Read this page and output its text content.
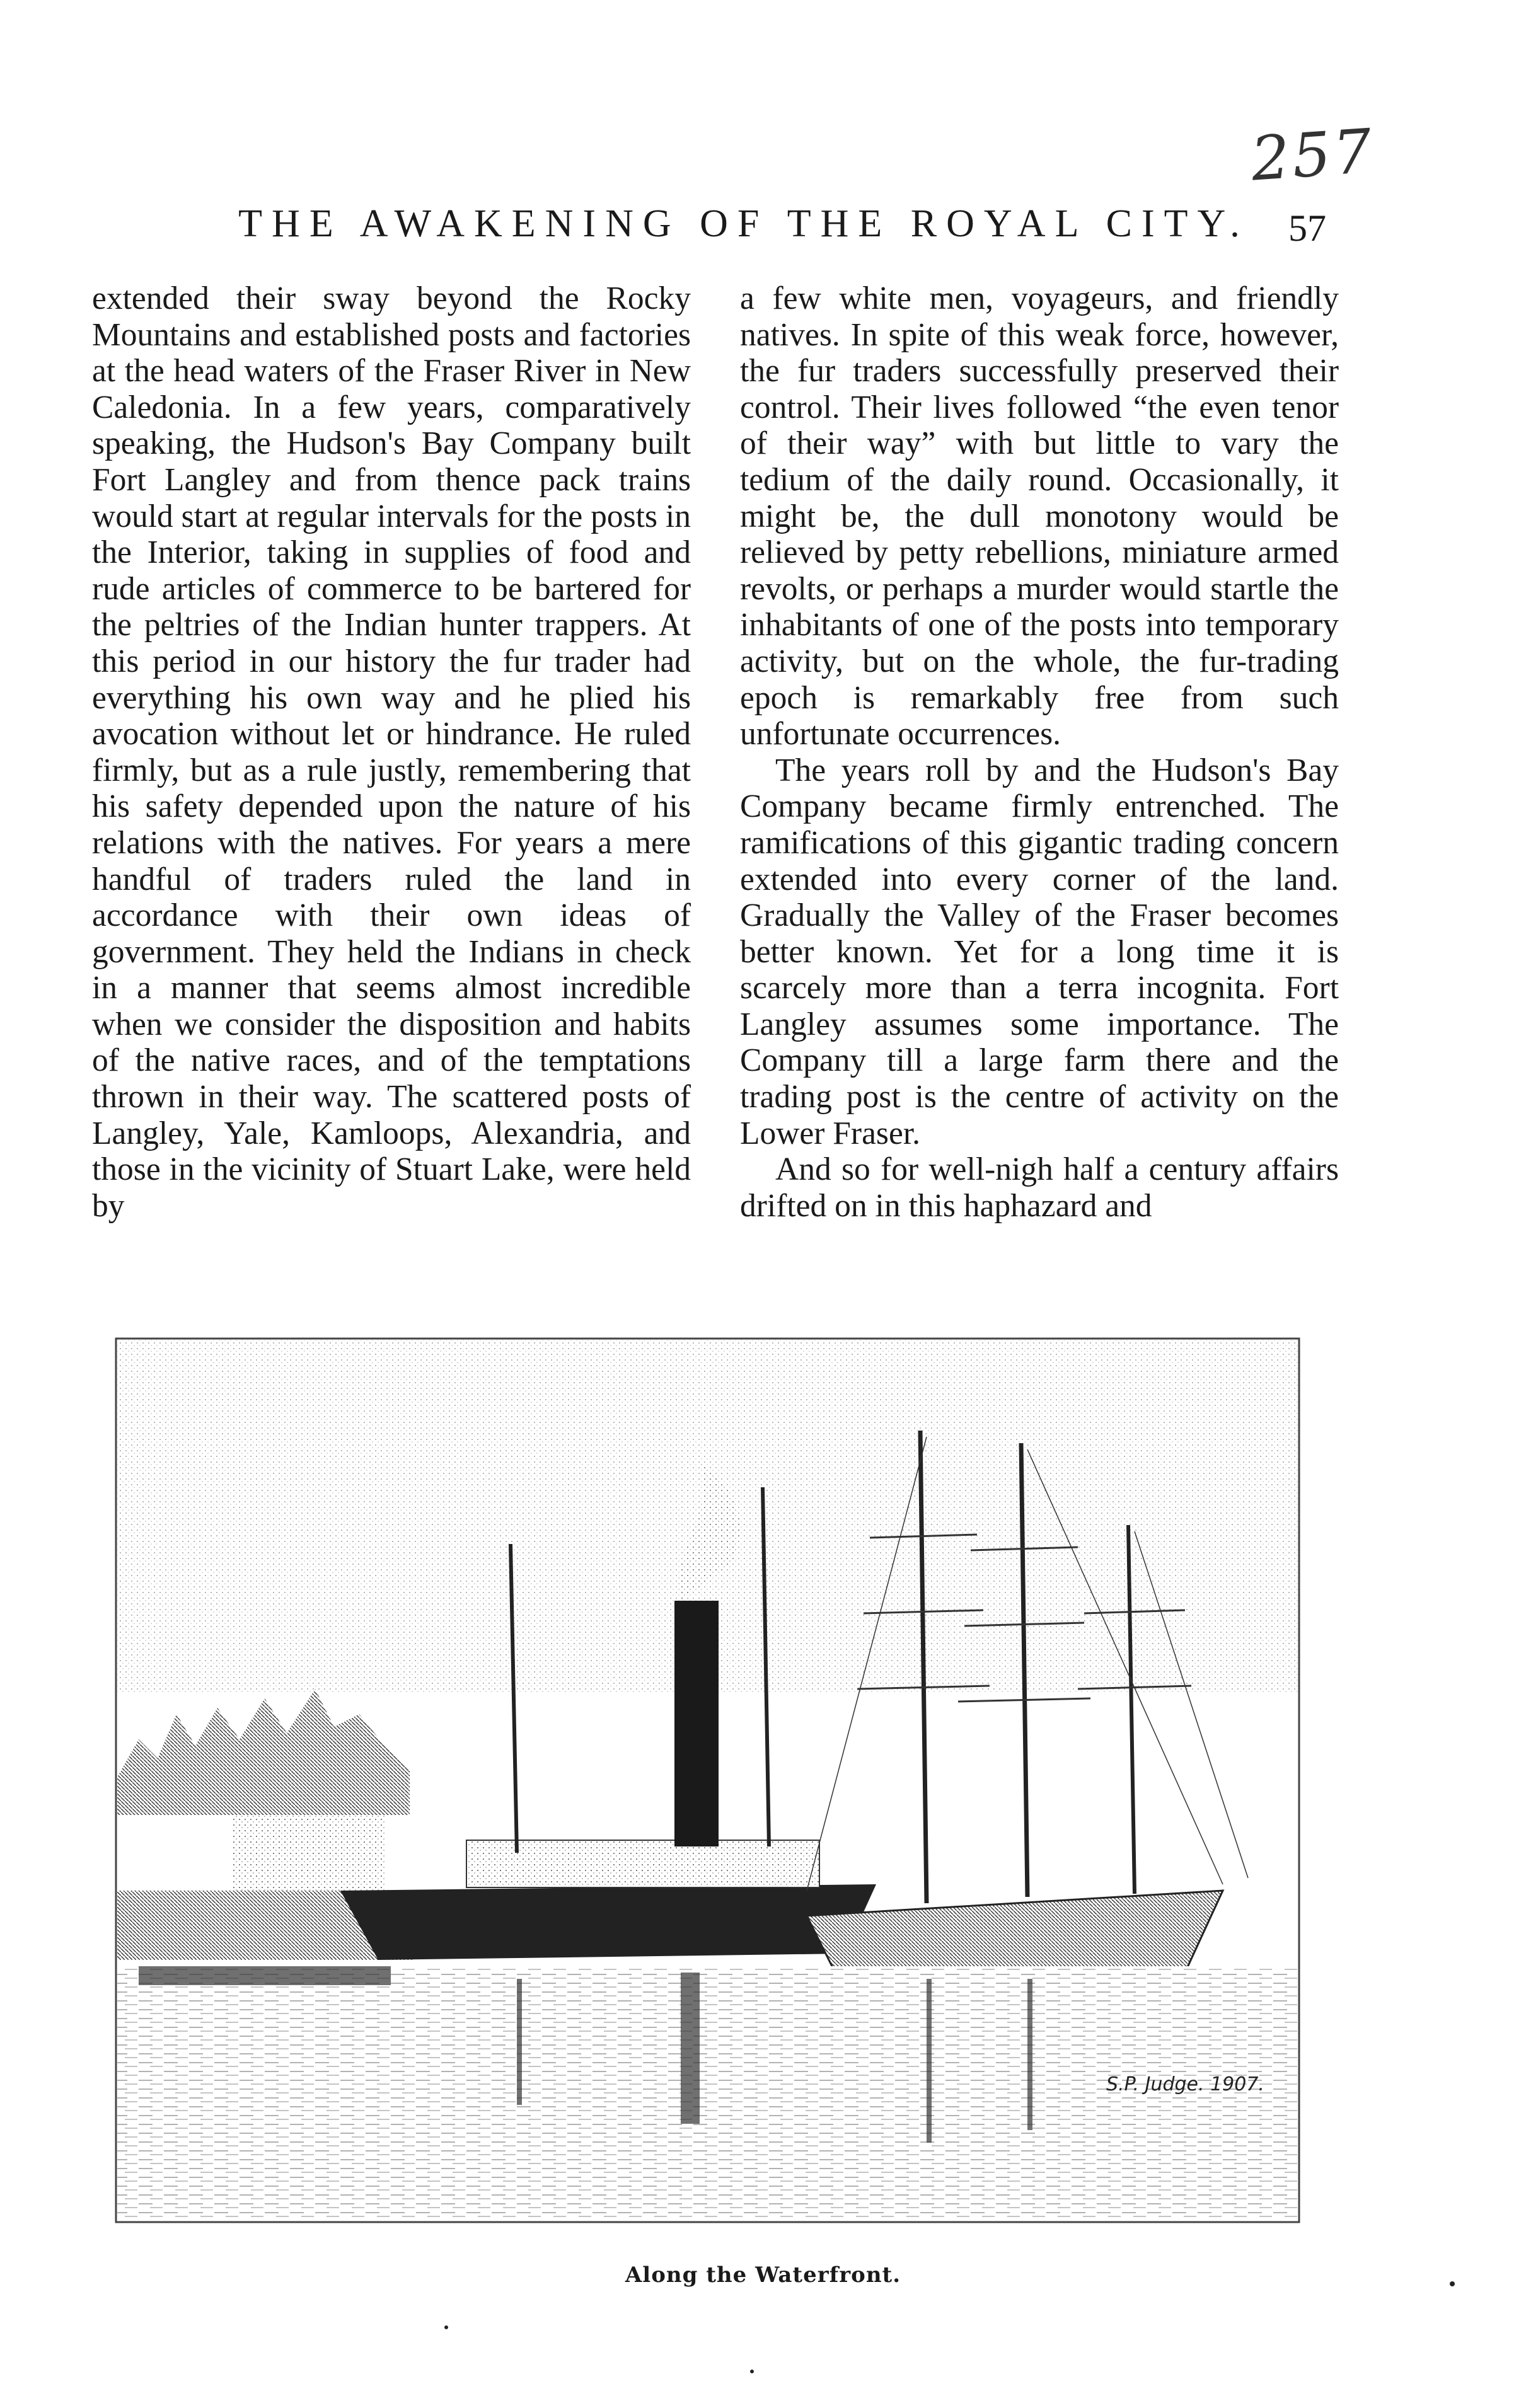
257
THE AWAKENING OF THE ROYAL CITY.	57

extended their sway beyond the Rocky Mountains and established posts and factories at the head waters of the Fraser River in New Caledonia. In a few years, comparatively speaking, the Hudson's Bay Company built Fort Langley and from thence pack trains would start at regular intervals for the posts in the Interior, taking in supplies of food and rude articles of commerce to be bartered for the peltries of the Indian hunter trappers. At this period in our history the fur trader had everything his own way and he plied his avocation without let or hindrance. He ruled firmly, but as a rule justly, remembering that his safety depended upon the nature of his relations with the natives. For years a mere handful of traders ruled the land in accordance with their own ideas of government. They held the Indians in check in a manner that seems almost incredible when we consider the disposition and habits of the native races, and of the temptations thrown in their way. The scattered posts of Langley, Yale, Kamloops, Alexandria, and those in the vicinity of Stuart Lake, were held by

a few white men, voyageurs, and friendly natives. In spite of this weak force, however, the fur traders successfully preserved their control. Their lives followed “the even tenor of their way” with but little to vary the tedium of the daily round. Occasionally, it might be, the dull monotony would be relieved by petty rebellions, miniature armed revolts, or perhaps a murder would startle the inhabitants of one of the posts into temporary activity, but on the whole, the fur-trading epoch is remarkably free from such unfortunate occurrences.

The years roll by and the Hudson's Bay Company became firmly entrenched. The ramifications of this gigantic trading concern extended into every corner of the land. Gradually the Valley of the Fraser becomes better known. Yet for a long time it is scarcely more than a terra incognita. Fort Langley assumes some importance. The Company till a large farm there and the trading post is the centre of activity on the Lower Fraser.

And so for well-nigh half a century affairs drifted on in this haphazard and

S.P. Judge. 1907.
Along the Waterfront.
